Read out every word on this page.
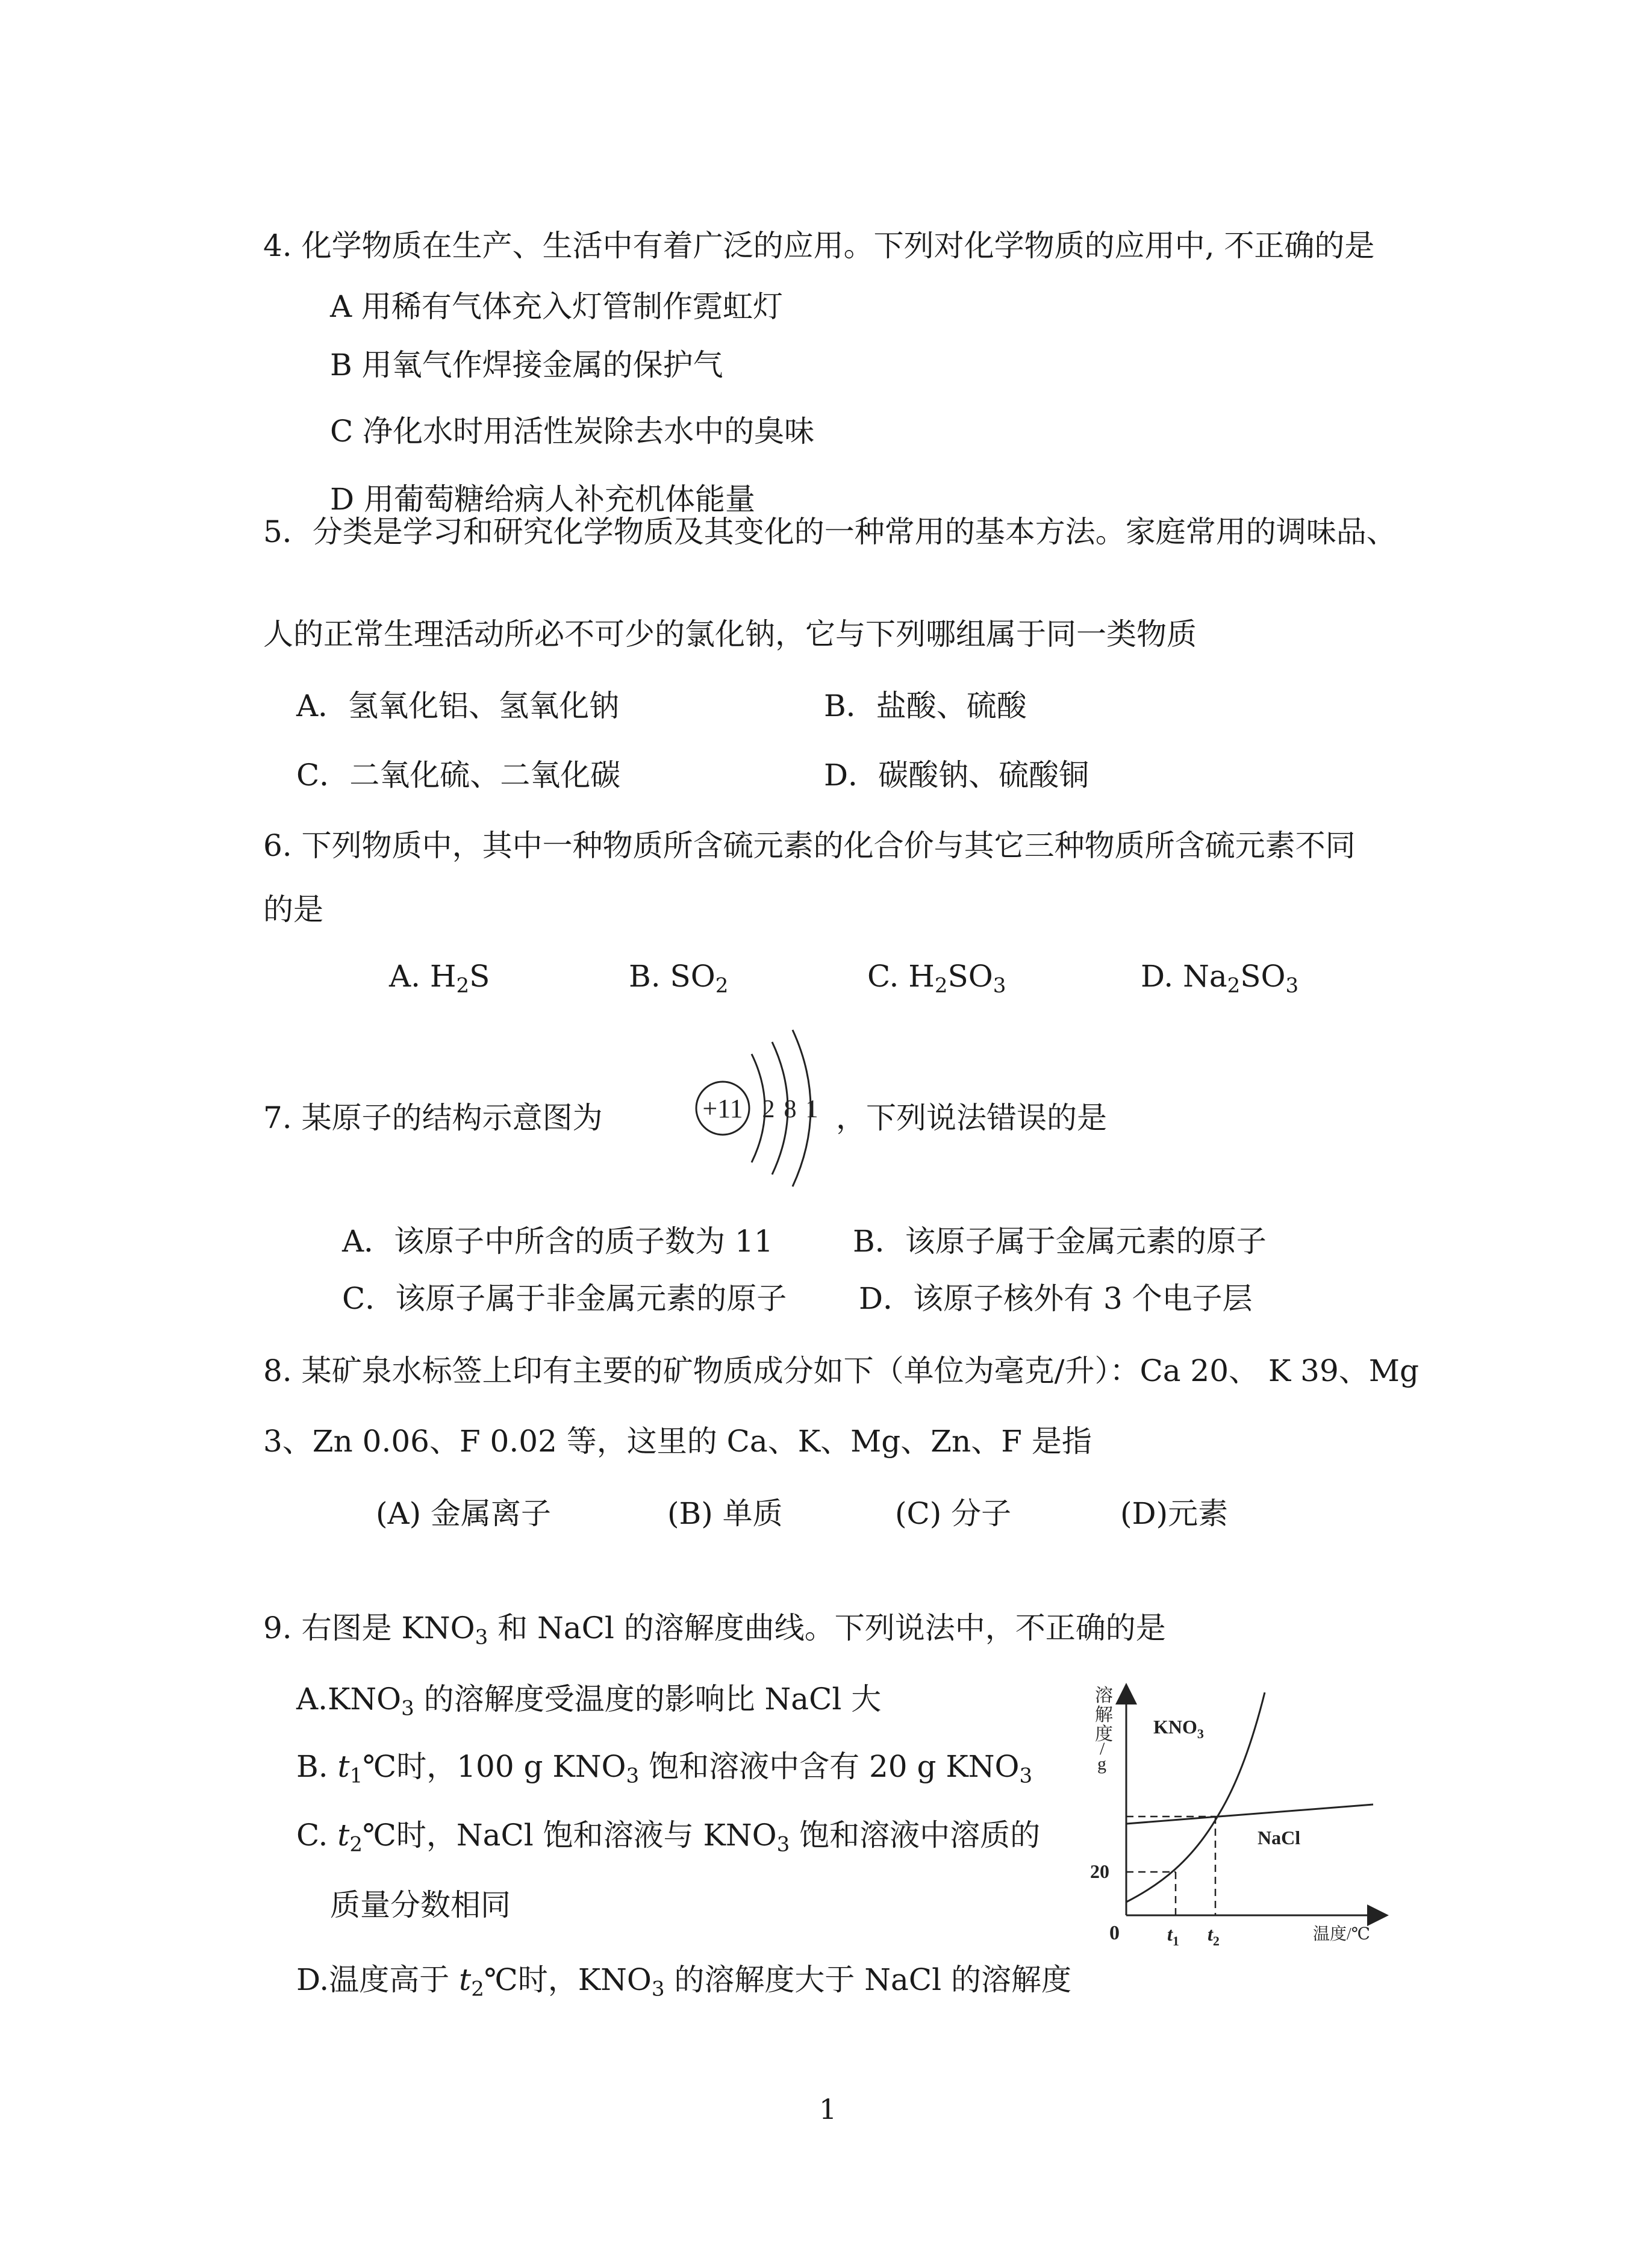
4. 化学物质在生产、生活中有着广泛的应用。下列对化学物质的应用中, 不正确的是
A 用稀有气体充入灯管制作霓虹灯
B 用氧气作焊接金属的保护气
C 净化水时用活性炭除去水中的臭味
D 用葡萄糖给病人补充机体能量
5．分类是学习和研究化学物质及其变化的一种常用的基本方法。家庭常用的调味品、
人的正常生理活动所必不可少的氯化钠，它与下列哪组属于同一类物质
A．氢氧化铝、氢氧化钠	B．盐酸、硫酸
C．二氧化硫、二氧化碳	D．碳酸钠、硫酸铜
6. 下列物质中，其中一种物质所含硫元素的化合价与其它三种物质所含硫元素不同
的是
A. $H_2S$	B. $SO_2$	C. $H_2SO_3$	D. $Na_2SO_3$
7. 某原子的结构示意图为	+11 2 8 1 ，下列说法错误的是
A．该原子中所含的质子数为 11	B．该原子属于金属元素的原子
C．该原子属于非金属元素的原子 D．该原子核外有 3 个电子层
8. 某矿泉水标签上印有主要的矿物质成分如下（单位为毫克/升）：Ca 20、 K 39、Mg
3、Zn 0.06、F 0.02 等，这里的 Ca、K、Mg、Zn、F 是指
(A) 金属离子	(B) 单质	(C) 分子	(D)元素
9. 右图是 $KNO_3$ 和 NaCl 的溶解度曲线。下列说法中，不正确的是
$A.KNO_3$ 的溶解度受温度的影响比 NaCl 大
B. $t_1℃$时，100 g $KNO_3$ 饱和溶液中含有 20 g $KNO_3$
C. $t_2℃$时，NaCl 饱和溶液与 $KNO_3$ 饱和溶液中溶质的
质量分数相同
D.温度高于 $t_2℃$时，$KNO_3$ 的溶解度大于 NaCl 的溶解度
溶
解
度
/
g
温度/℃
0
20
$t_1$ $t_2$
$KNO_3$
NaCl
1
